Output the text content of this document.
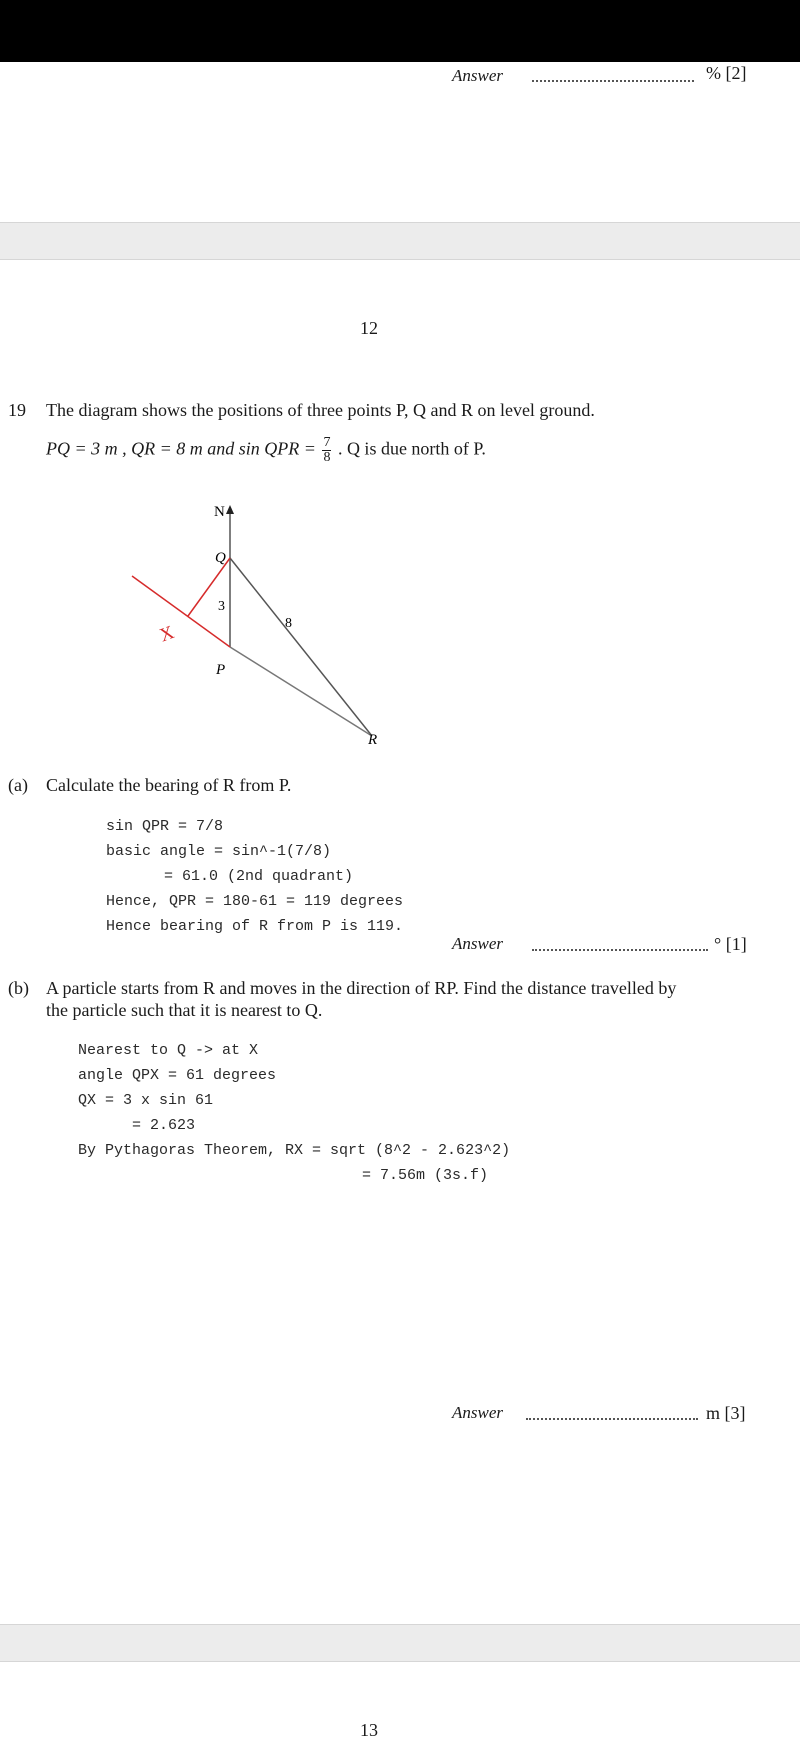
Answer	% [2]
12
19 The diagram shows the positions of three points P, Q and R on level ground.
PQ = 3 m , QR = 8 m and sin QPR = $\frac{7}{8}$ . Q is due north of P.
N
Q
3
8
P
R
X
(a) Calculate the bearing of R from P.
sin QPR = 7/8
basic angle = sin^-1(7/8)
= 61.0 (2nd quadrant)
Hence, QPR = 180-61 = 119 degrees
Hence bearing of R from P is 119.
Answer	° [1]
(b) A particle starts from R and moves in the direction of RP. Find the distance travelled by
the particle such that it is nearest to Q.
Nearest to Q -> at X
angle QPX = 61 degrees
QX = 3 x sin 61
= 2.623
By Pythagoras Theorem, RX = sqrt (8^2 - 2.623^2)
= 7.56m (3s.f)
Answer	m [3]
13
